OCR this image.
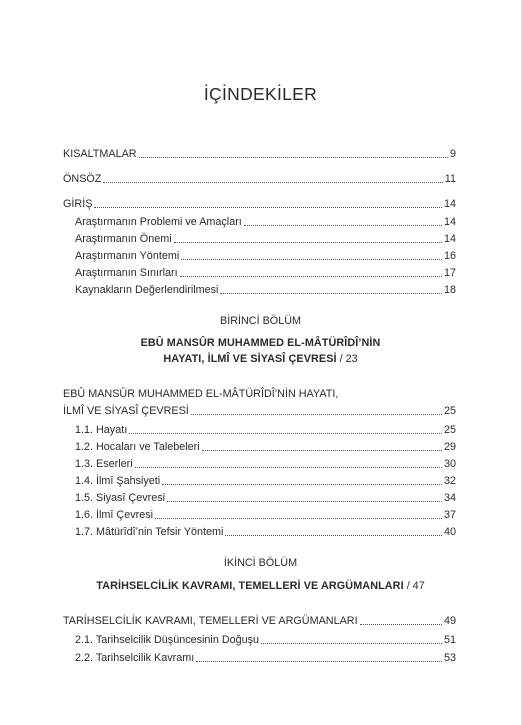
İÇİNDEKİLER
KISALTMALAR	9
ÖNSÖZ	11
GİRİŞ	14
Araştırmanın Problemi ve Amaçları	14
Araştırmanın Önemi	14
Araştırmanın Yöntemi	16
Araştırmanın Sınırları	17
Kaynakların Değerlendirilmesi	18
BİRİNCİ BÖLÜM
EBÛ MANSÛR MUHAMMED EL-MÂTÜRÎDÎ’NİN
HAYATI, İLMÎ VE SİYASÎ ÇEVRESİ / 23
EBÛ MANSÛR MUHAMMED EL-MÂTÜRÎDÎ’NİN HAYATI,
İLMÎ VE SİYASÎ ÇEVRESİ	25
1.1. Hayatı	25
1.2. Hocaları ve Talebeleri	29
1.3. Eserleri	30
1.4. İlmî Şahsiyeti	32
1.5. Siyasî Çevresi	34
1.6. İlmî Çevresi	37
1.7. Mâtürîdî’nin Tefsir Yöntemi	40
İKİNCİ BÖLÜM
TARİHSELCİLİK KAVRAMI, TEMELLERİ VE ARGÜMANLARI / 47
TARİHSELCİLİK KAVRAMI, TEMELLERİ VE ARGÜMANLARI	49
2.1. Tarihselcilik Düşüncesinin Doğuşu	51
2.2. Tarihselcilik Kavramı	53
